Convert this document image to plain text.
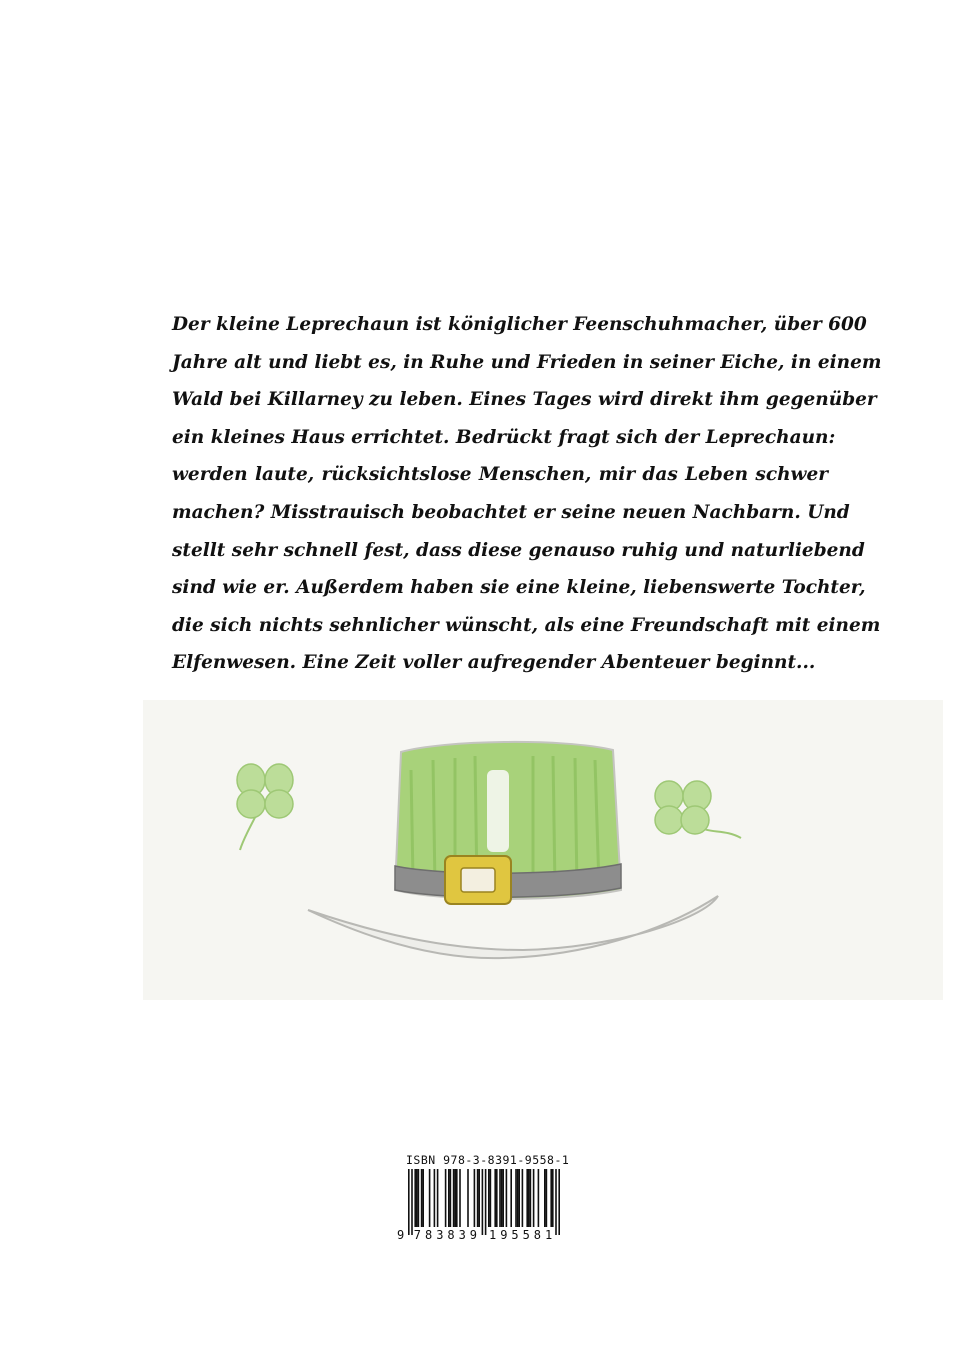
Der kleine Leprechaun ist königlicher Feenschuhmacher, über 600
Jahre alt und liebt es, in Ruhe und Frieden in seiner Eiche, in einem
Wald bei Killarney zu leben. Eines Tages wird direkt ihm gegenüber
ein kleines Haus errichtet. Bedrückt fragt sich der Leprechaun:
werden laute, rücksichtslose Menschen, mir das Leben schwer
machen? Misstrauisch beobachtet er seine neuen Nachbarn. Und
stellt sehr schnell fest, dass diese genauso ruhig und naturliebend
sind wie er. Außerdem haben sie eine kleine, liebenswerte Tochter,
die sich nichts sehnlicher wünscht, als eine Freundschaft mit einem
Elfenwesen. Eine Zeit voller aufregender Abenteuer beginnt...
ISBN 978-3-8391-9558-1
9 7 8 3 8 3 9 1 9 5 5 8 1
